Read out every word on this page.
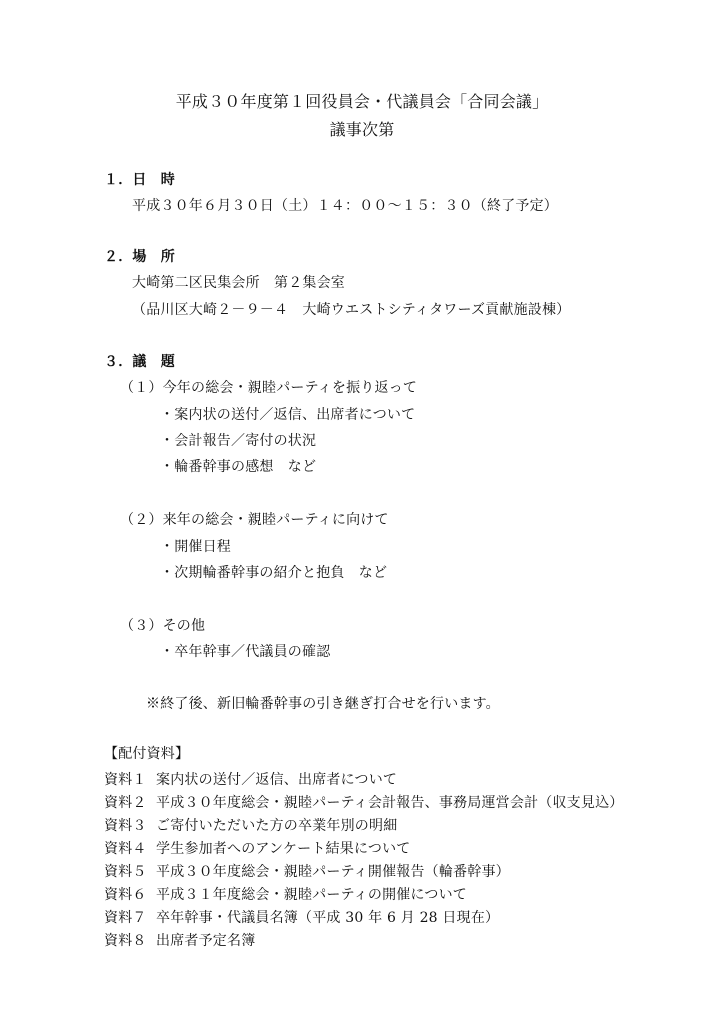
平成３０年度第１回役員会・代議員会「合同会議」
議事次第
１．日　時
平成３０年６月３０日（土）１４：００～１５：３０（終了予定）
２．場　所
大崎第二区民集会所　第２集会室
（品川区大崎２－９－４　大崎ウエストシティタワーズ貢献施設棟）
３．議　題
（１）今年の総会・親睦パーティを振り返って
・案内状の送付／返信、出席者について
・会計報告／寄付の状況
・輪番幹事の感想　など
（２）来年の総会・親睦パーティに向けて
・開催日程
・次期輪番幹事の紹介と抱負　など
（３）その他
・卒年幹事／代議員の確認
※終了後、新旧輪番幹事の引き継ぎ打合せを行います。
【配付資料】
資料１ 案内状の送付／返信、出席者について
資料２ 平成３０年度総会・親睦パーティ会計報告、事務局運営会計（収支見込）
資料３ ご寄付いただいた方の卒業年別の明細
資料４ 学生参加者へのアンケート結果について
資料５ 平成３０年度総会・親睦パーティ開催報告（輪番幹事）
資料６ 平成３１年度総会・親睦パーティの開催について
資料７ 卒年幹事・代議員名簿（平成 30 年 6 月 28 日現在）
資料８ 出席者予定名簿
